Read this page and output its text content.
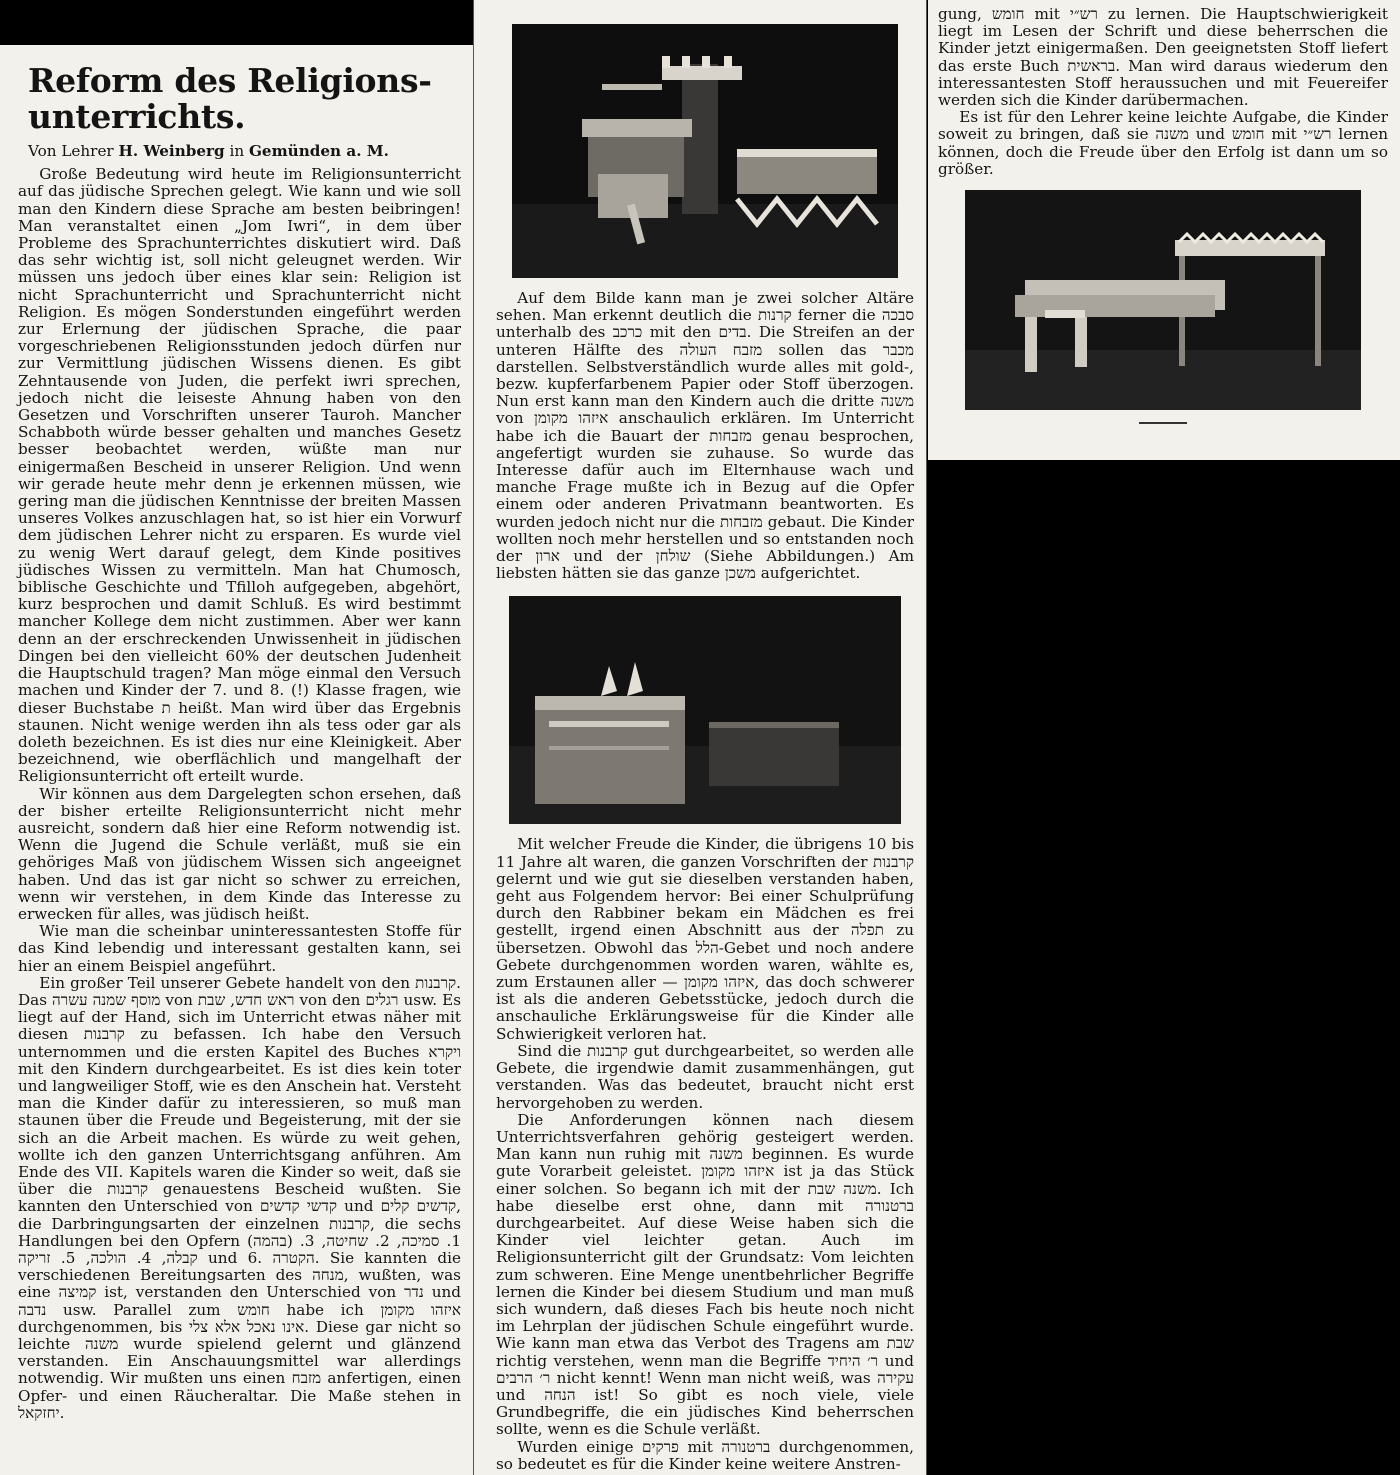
Reform des Religions-unterrichts.
Von Lehrer H. Weinberg in Gemünden a. M.

Große Bedeutung wird heute im Religionsunterricht auf das jüdische Sprechen gelegt. Wie kann und wie soll man den Kindern diese Sprache am besten beibringen! Man veranstaltet einen „Jom Iwri“, in dem über Probleme des Sprachunterrichtes diskutiert wird. Daß das sehr wichtig ist, soll nicht geleugnet werden. Wir müssen uns jedoch über eines klar sein: Religion ist nicht Sprachunterricht und Sprachunterricht nicht Religion. Es mögen Sonderstunden eingeführt werden zur Erlernung der jüdischen Sprache, die paar vorgeschriebenen Religionsstunden jedoch dürfen nur zur Vermittlung jüdischen Wissens dienen. Es gibt Zehntausende von Juden, die perfekt iwri sprechen, jedoch nicht die leiseste Ahnung haben von den Gesetzen und Vorschriften unserer Tauroh. Mancher Schabboth würde besser gehalten und manches Gesetz besser beobachtet werden, wüßte man nur einigermaßen Bescheid in unserer Religion. Und wenn wir gerade heute mehr denn je erkennen müssen, wie gering man die jüdischen Kenntnisse der breiten Massen unseres Volkes anzuschlagen hat, so ist hier ein Vorwurf dem jüdischen Lehrer nicht zu ersparen. Es wurde viel zu wenig Wert darauf gelegt, dem Kinde positives jüdisches Wissen zu vermitteln. Man hat Chumosch, biblische Geschichte und Tfilloh aufgegeben, abgehört, kurz besprochen und damit Schluß. Es wird bestimmt mancher Kollege dem nicht zustimmen. Aber wer kann denn an der erschreckenden Unwissenheit in jüdischen Dingen bei den vielleicht 60% der deutschen Judenheit die Hauptschuld tragen? Man möge einmal den Versuch machen und Kinder der 7. und 8. (!) Klasse fragen, wie dieser Buchstabe ת heißt. Man wird über das Ergebnis staunen. Nicht wenige werden ihn als tess oder gar als doleth bezeichnen. Es ist dies nur eine Kleinigkeit. Aber bezeichnend, wie oberflächlich und mangelhaft der Religionsunterricht oft erteilt wurde.

Wir können aus dem Dargelegten schon ersehen, daß der bisher erteilte Religionsunterricht nicht mehr ausreicht, sondern daß hier eine Reform notwendig ist. Wenn die Jugend die Schule verläßt, muß sie ein gehöriges Maß von jüdischem Wissen sich angeeignet haben. Und das ist gar nicht so schwer zu erreichen, wenn wir verstehen, in dem Kinde das Interesse zu erwecken für alles, was jüdisch heißt.

Wie man die scheinbar uninteressantesten Stoffe für das Kind lebendig und interessant gestalten kann, sei hier an einem Beispiel angeführt.

Ein großer Teil unserer Gebete handelt von den קרבנות. Das מוסף שמנה עשרה von ראש חדש, שבת von den רגלים usw. Es liegt auf der Hand, sich im Unterricht etwas näher mit diesen קרבנות zu befassen. Ich habe den Versuch unternommen und die ersten Kapitel des Buches ויקרא mit den Kindern durchgearbeitet. Es ist dies kein toter und langweiliger Stoff, wie es den Anschein hat. Versteht man die Kinder dafür zu interessieren, so muß man staunen über die Freude und Begeisterung, mit der sie sich an die Arbeit machen. Es würde zu weit gehen, wollte ich den ganzen Unterrichtsgang anführen. Am Ende des VII. Kapitels waren die Kinder so weit, daß sie über die קרבנות genauestens Bescheid wußten. Sie kannten den Unterschied von קדשי קדשים und קדשים קלים, die Darbringungsarten der einzelnen קרבנות, die sechs Handlungen bei den Opfern (בהמה) 1. סמיכה, 2. שחיטה, 3. קבלה, 4. הולכה, 5. זריקה und 6. הקטרה. Sie kannten die verschiedenen Bereitungsarten des מנחה, wußten, was eine קמיצה ist, verstanden den Unterschied von נדר und נדבה usw. Parallel zum חומש habe ich איזהו מקומן durchgenommen, bis אינו נאכל אלא צלי. Diese gar nicht so leichte משנה wurde spielend gelernt und glänzend verstanden. Ein Anschauungsmittel war allerdings notwendig. Wir mußten uns einen מזבח anfertigen, einen Opfer- und einen Räucheraltar. Die Maße stehen in יחזקאל.

Auf dem Bilde kann man je zwei solcher Altäre sehen. Man erkennt deutlich die קרנות ferner die סבכה unterhalb des כרכב mit den בדים. Die Streifen an der unteren Hälfte des מזבח העולה sollen das מכבר darstellen. Selbstverständlich wurde alles mit gold-, bezw. kupferfarbenem Papier oder Stoff überzogen. Nun erst kann man den Kindern auch die dritte משנה von איזהו מקומן anschaulich erklären. Im Unterricht habe ich die Bauart der מזבחות genau besprochen, angefertigt wurden sie zuhause. So wurde das Interesse dafür auch im Elternhause wach und manche Frage mußte ich in Bezug auf die Opfer einem oder anderen Privatmann beantworten. Es wurden jedoch nicht nur die מזבחות gebaut. Die Kinder wollten noch mehr herstellen und so entstanden noch der ארון und der שולחן (Siehe Abbildungen.) Am liebsten hätten sie das ganze משכן aufgerichtet.

Mit welcher Freude die Kinder, die übrigens 10 bis 11 Jahre alt waren, die ganzen Vorschriften der קרבנות gelernt und wie gut sie dieselben verstanden haben, geht aus Folgendem hervor: Bei einer Schulprüfung durch den Rabbiner bekam ein Mädchen es frei gestellt, irgend einen Abschnitt aus der תפלה zu übersetzen. Obwohl das הלל-Gebet und noch andere Gebete durchgenommen worden waren, wählte es, zum Erstaunen aller — איזהו מקומן, das doch schwerer ist als die anderen Gebetsstücke, jedoch durch die anschauliche Erklärungsweise für die Kinder alle Schwierigkeit verloren hat.

Sind die קרבנות gut durchgearbeitet, so werden alle Gebete, die irgendwie damit zusammenhängen, gut verstanden. Was das bedeutet, braucht nicht erst hervorgehoben zu werden.

Die Anforderungen können nach diesem Unterrichtsverfahren gehörig gesteigert werden. Man kann nun ruhig mit משנה beginnen. Es wurde gute Vorarbeit geleistet. איזהו מקומן ist ja das Stück einer solchen. So begann ich mit der משנה שבת. Ich habe dieselbe erst ohne, dann mit ברטנורה durchgearbeitet. Auf diese Weise haben sich die Kinder viel leichter getan. Auch im Religionsunterricht gilt der Grundsatz: Vom leichten zum schweren. Eine Menge unentbehrlicher Begriffe lernen die Kinder bei diesem Studium und man muß sich wundern, daß dieses Fach bis heute noch nicht im Lehrplan der jüdischen Schule eingeführt wurde. Wie kann man etwa das Verbot des Tragens am שבת richtig verstehen, wenn man die Begriffe ר׳ היחיד und ר׳ הרבים nicht kennt! Wenn man nicht weiß, was עקירה und הנחה ist! So gibt es noch viele, viele Grundbegriffe, die ein jüdisches Kind beherrschen sollte, wenn es die Schule verläßt.

Wurden einige פרקים mit ברטנורה durchgenommen, so bedeutet es für die Kinder keine weitere Anstren-

gung, חומש mit רש״י zu lernen. Die Hauptschwierigkeit liegt im Lesen der Schrift und diese beherrschen die Kinder jetzt einigermaßen. Den geeignetsten Stoff liefert das erste Buch בראשית. Man wird daraus wiederum den interessantesten Stoff heraussuchen und mit Feuereifer werden sich die Kinder darübermachen.

Es ist für den Lehrer keine leichte Aufgabe, die Kinder soweit zu bringen, daß sie משנה und חומש mit רש״י lernen können, doch die Freude über den Erfolg ist dann um so größer.
